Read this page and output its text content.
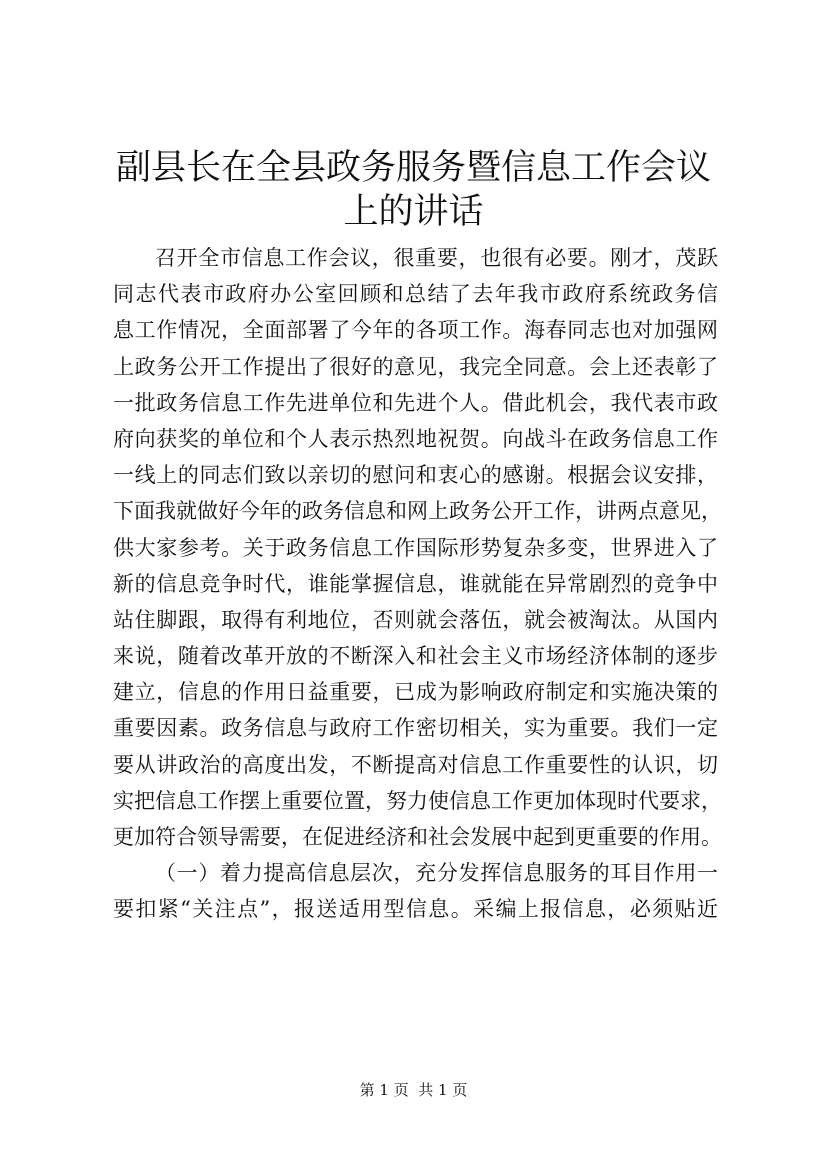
副县长在全县政务服务暨信息工作会议上的讲话
召开全市信息工作会议，很重要，也很有必要。刚才，茂跃
同志代表市政府办公室回顾和总结了去年我市政府系统政务信
息工作情况，全面部署了今年的各项工作。海春同志也对加强网
上政务公开工作提出了很好的意见，我完全同意。会上还表彰了
一批政务信息工作先进单位和先进个人。借此机会，我代表市政
府向获奖的单位和个人表示热烈地祝贺。向战斗在政务信息工作
一线上的同志们致以亲切的慰问和衷心的感谢。根据会议安排，
下面我就做好今年的政务信息和网上政务公开工作，讲两点意见，
供大家参考。关于政务信息工作国际形势复杂多变，世界进入了
新的信息竞争时代，谁能掌握信息，谁就能在异常剧烈的竞争中
站住脚跟，取得有利地位，否则就会落伍，就会被淘汰。从国内
来说，随着改革开放的不断深入和社会主义市场经济体制的逐步
建立，信息的作用日益重要，已成为影响政府制定和实施决策的
重要因素。政务信息与政府工作密切相关，实为重要。我们一定
要从讲政治的高度出发，不断提高对信息工作重要性的认识，切
实把信息工作摆上重要位置，努力使信息工作更加体现时代要求，
更加符合领导需要，在促进经济和社会发展中起到更重要的作用。
（一）着力提高信息层次，充分发挥信息服务的耳目作用一
要扣紧“关注点”，报送适用型信息。采编上报信息，必须贴近
第 1 页  共 1 页
